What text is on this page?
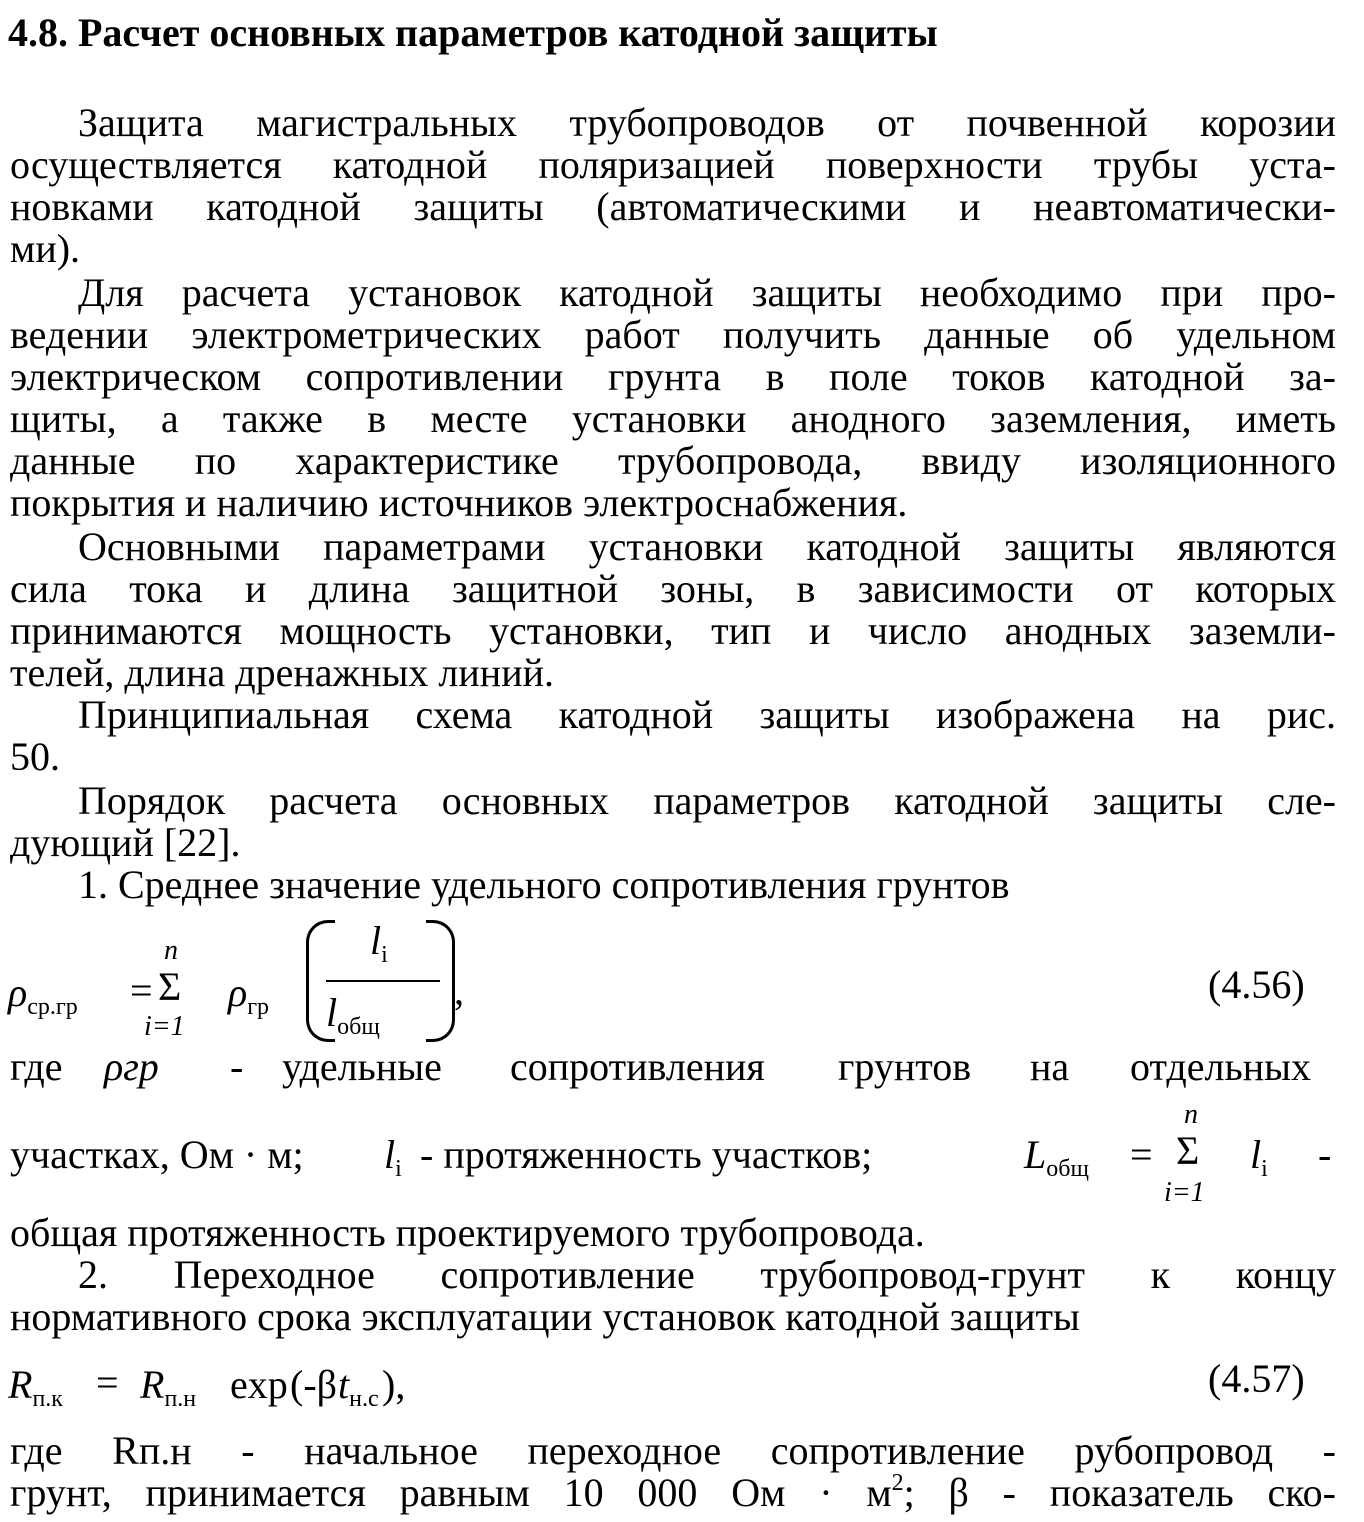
4.8. Расчет основных параметров катодной защиты
Защита магистральных трубопроводов от почвенной корозии
осуществляется катодной поляризацией поверхности трубы уста-
новками катодной защиты (автоматическими и неавтоматически-
ми).
Для расчета установок катодной защиты необходимо при про-
ведении электрометрических работ получить данные об удельном
электрическом сопротивлении грунта в поле токов катодной за-
щиты, а также в месте установки анодного заземления, иметь
данные по характеристике трубопровода, ввиду изоляционного
покрытия и наличию источников электроснабжения.
Основными параметрами установки катодной защиты являются
сила тока и длина защитной зоны, в зависимости от которых
принимаются мощность установки, тип и число анодных заземли-
телей, длина дренажных линий.
Принципиальная схема катодной защиты изображена на рис.
50.
Порядок расчета основных параметров катодной защиты сле-
дующий [22].
1. Среднее значение удельного сопротивления грунтов
$\rho_{ср.гр}$ =
n
Σ
i=1
$\rho_{гр}$
$l_i$
$l_{общ}$
,	(4.56)
где ρгр - удельные сопротивления грунтов на отдельных
участках, Ом · м; $l_i$ - протяженность участков;	$L_{общ}$ =
n
Σ
i=1
$l_i$ -
общая протяженность проектируемого трубопровода.
2. Переходное сопротивление трубопровод-грунт к концу
нормативного срока эксплуатации установок катодной защиты
$R_{п.к} = R_{п.н}$ exp (-β $t_{н.с}$ ),	(4.57)
где Rп.н - начальное переходное сопротивление рубопровод -
грунт, принимается равным 10 000 Ом · $м^2$; β - показатель ско-
